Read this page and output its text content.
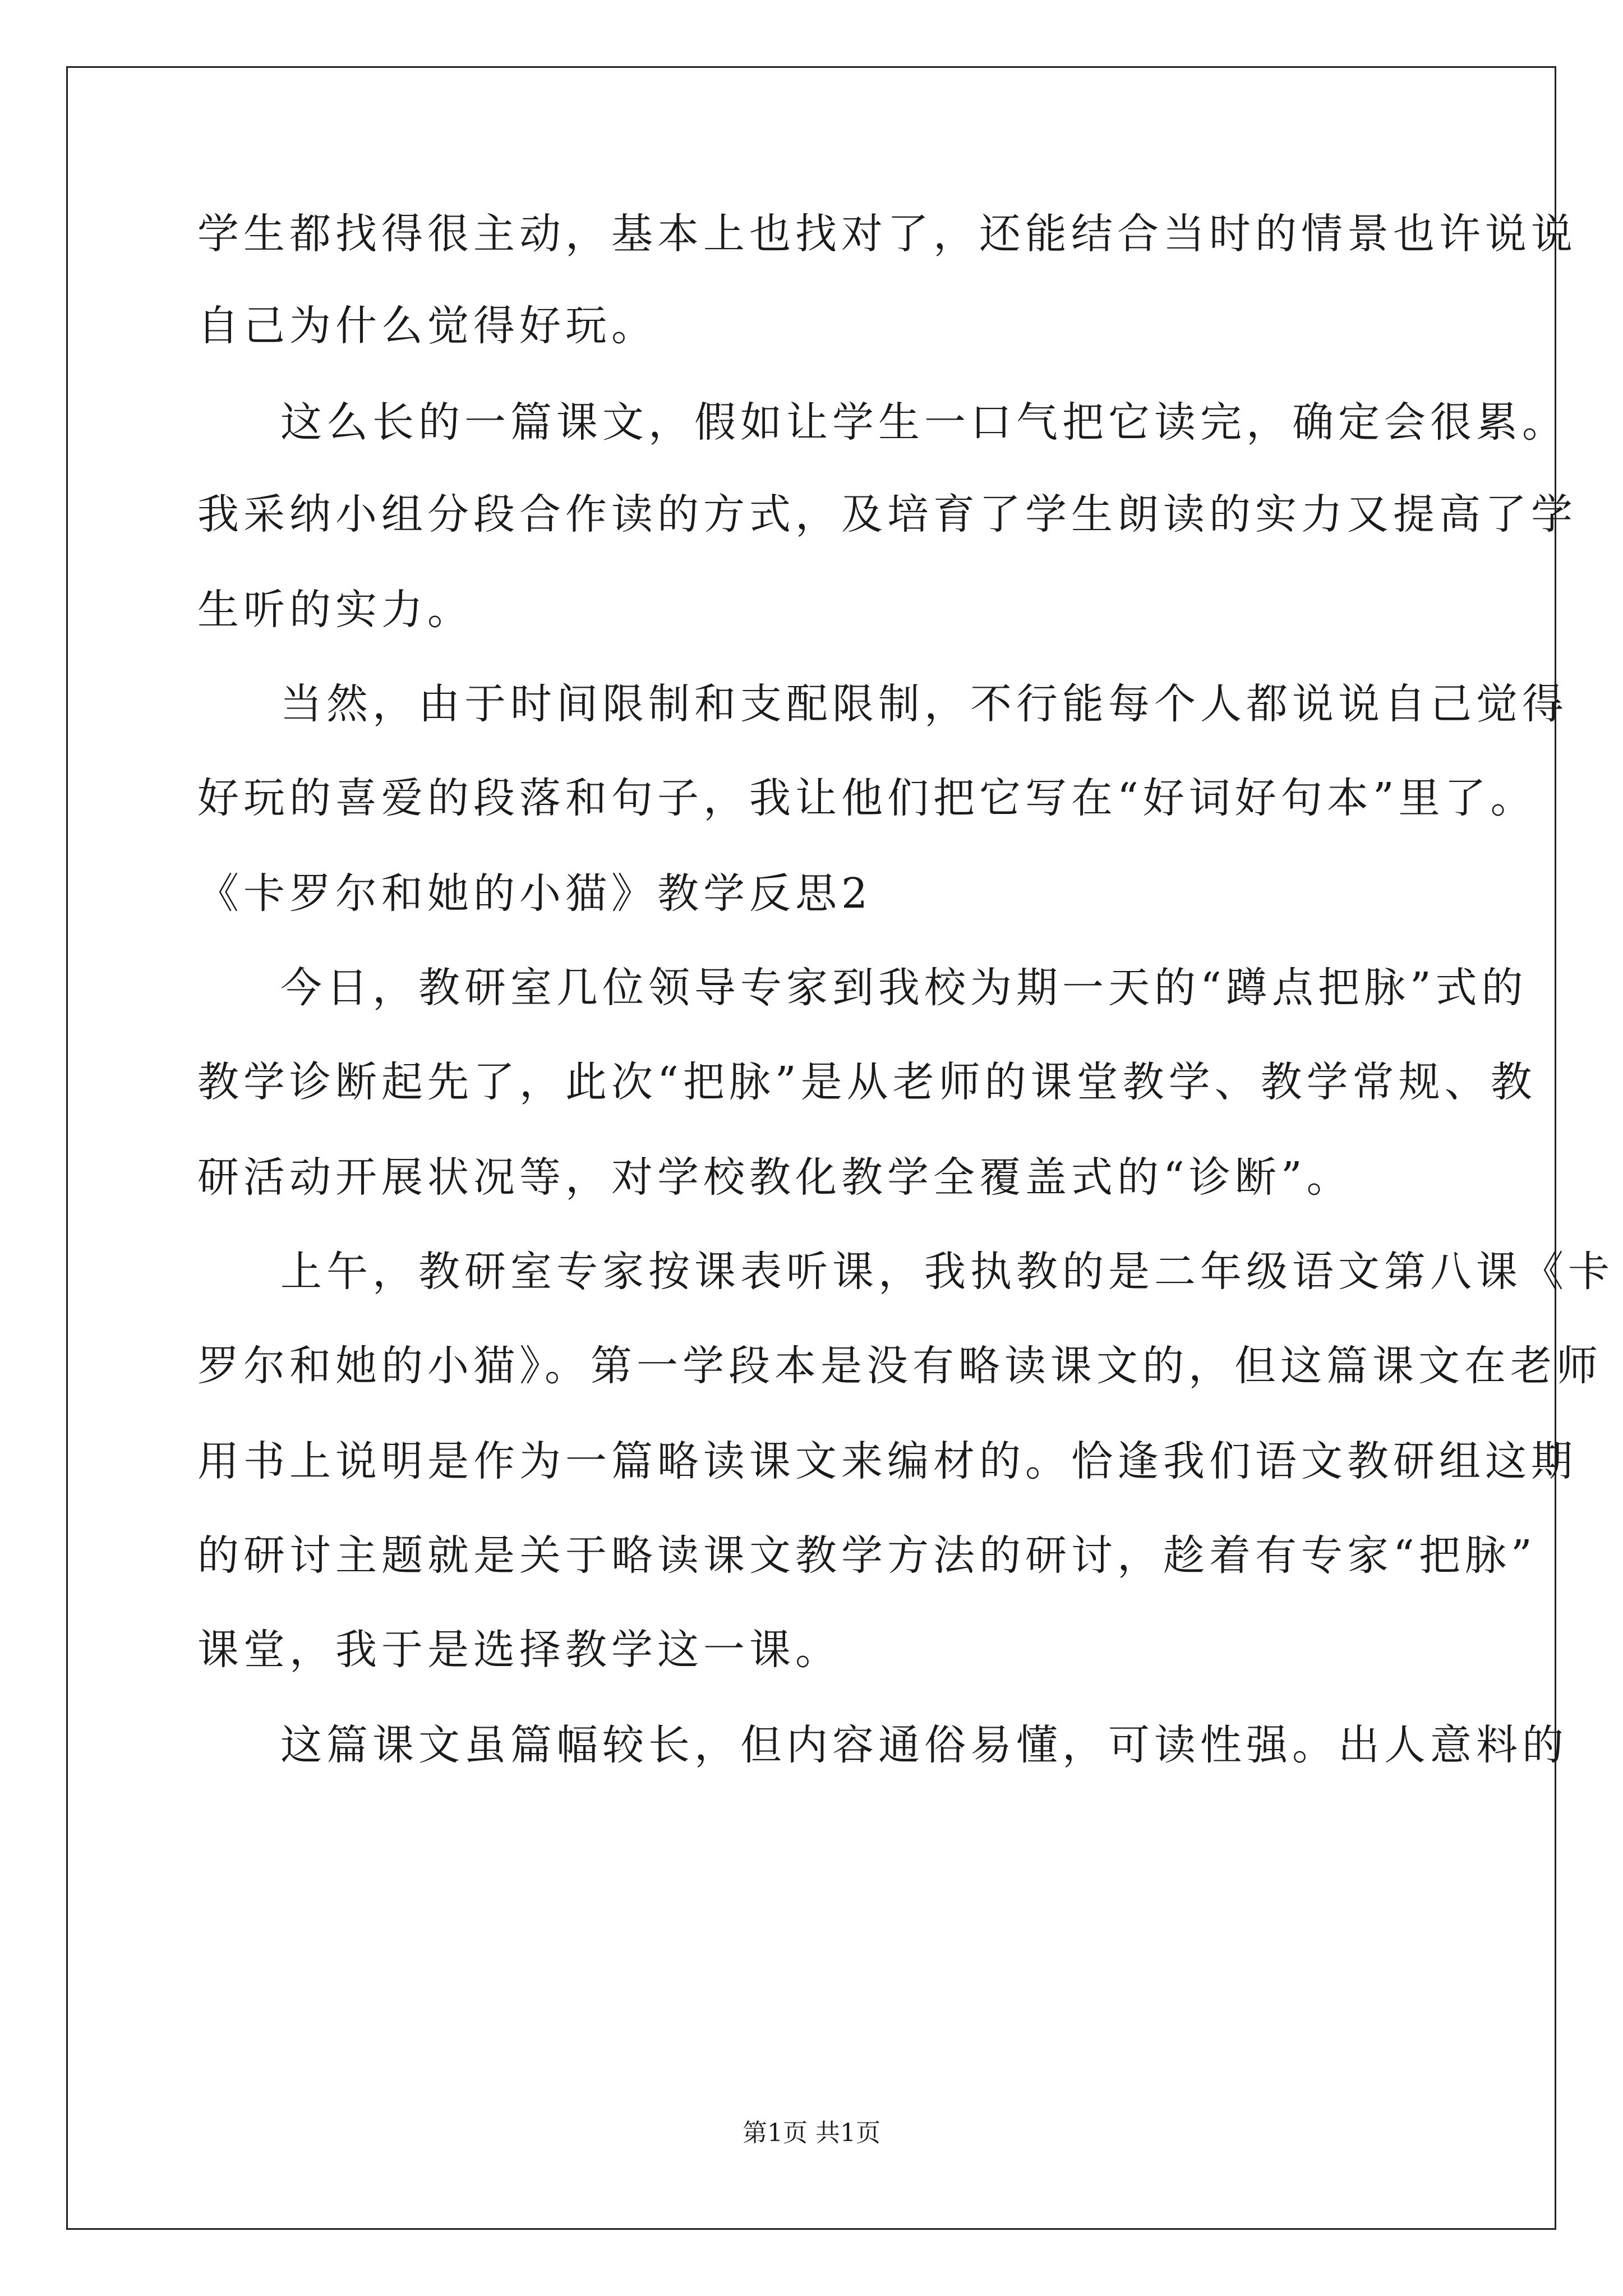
学生都找得很主动，基本上也找对了，还能结合当时的情景也许说说
自己为什么觉得好玩。
这么长的一篇课文，假如让学生一口气把它读完，确定会很累。
我采纳小组分段合作读的方式，及培育了学生朗读的实力又提高了学
生听的实力。
当然，由于时间限制和支配限制，不行能每个人都说说自己觉得
好玩的喜爱的段落和句子，我让他们把它写在“好词好句本”里了。
《卡罗尔和她的小猫》教学反思2
今日，教研室几位领导专家到我校为期一天的“蹲点把脉”式的
教学诊断起先了，此次“把脉”是从老师的课堂教学、教学常规、教
研活动开展状况等，对学校教化教学全覆盖式的“诊断”。
上午，教研室专家按课表听课，我执教的是二年级语文第八课《卡
罗尔和她的小猫》。第一学段本是没有略读课文的，但这篇课文在老师
用书上说明是作为一篇略读课文来编材的。恰逢我们语文教研组这期
的研讨主题就是关于略读课文教学方法的研讨，趁着有专家“把脉”
课堂，我于是选择教学这一课。
这篇课文虽篇幅较长，但内容通俗易懂，可读性强。出人意料的
第1页 共1页
